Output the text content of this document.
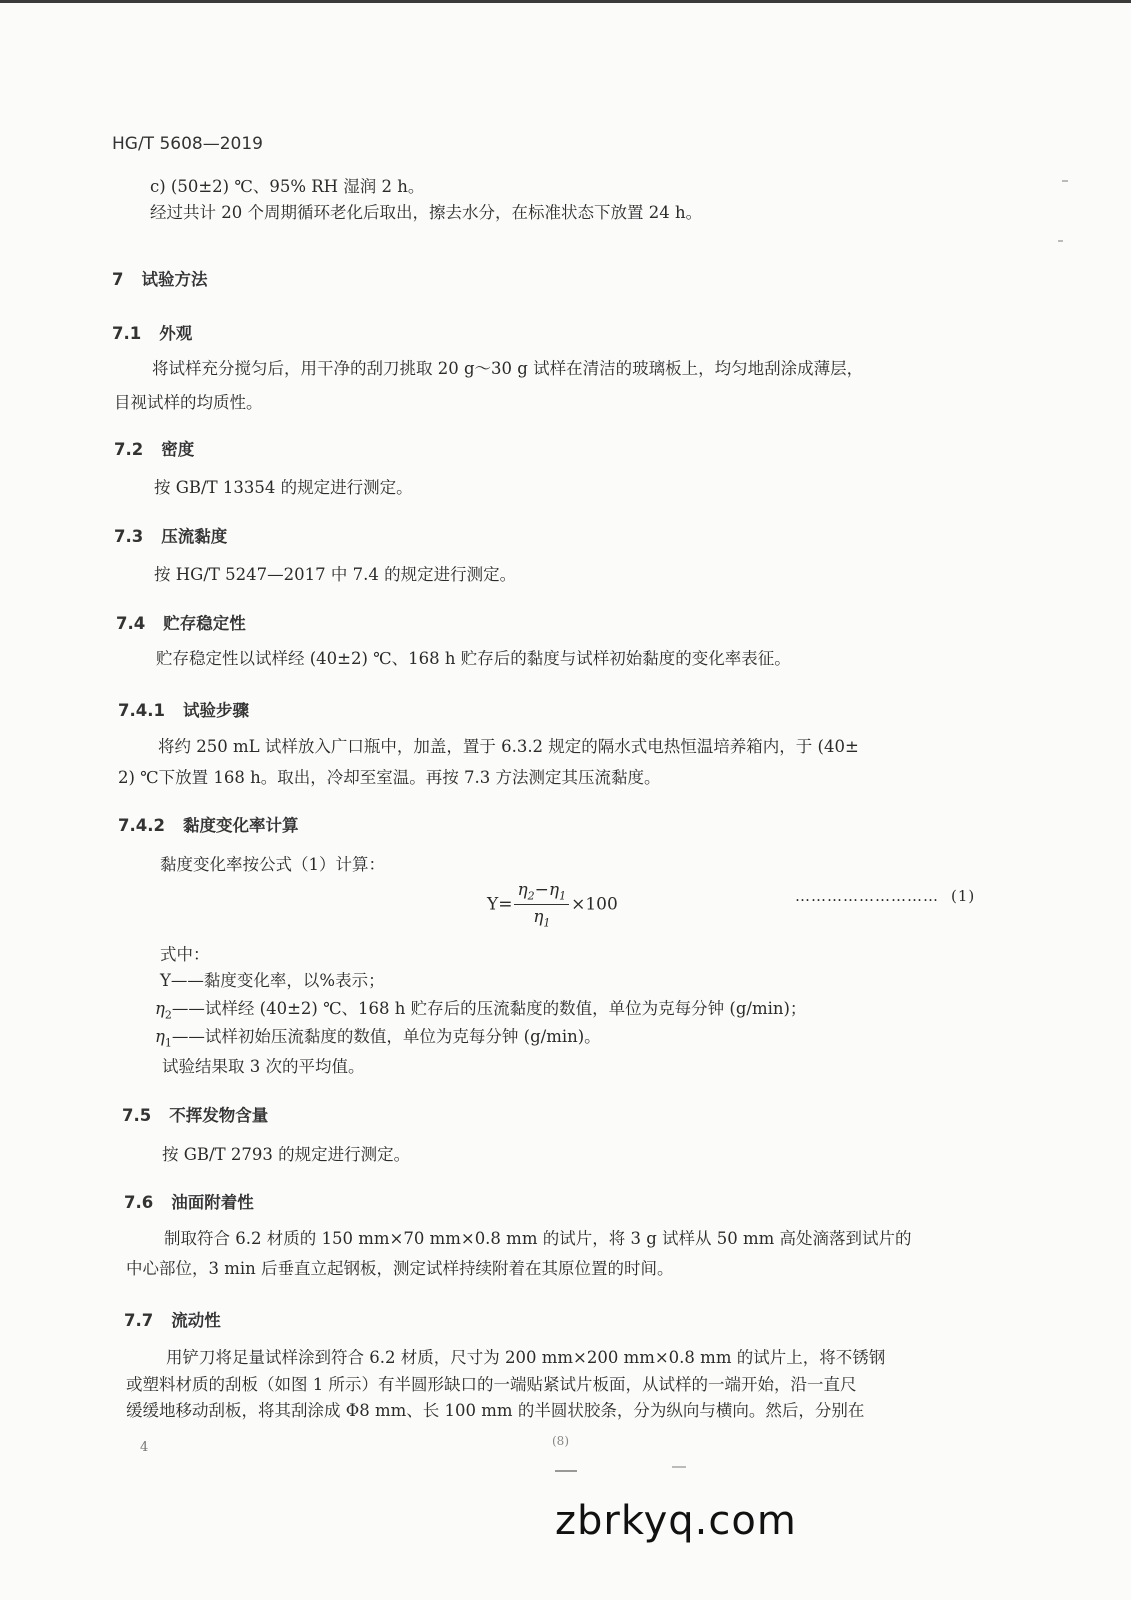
HG/T 5608—2019
c) (50±2) ℃、95% RH 湿润 2 h。
经过共计 20 个周期循环老化后取出，擦去水分，在标准状态下放置 24 h。
7 试验方法
7.1 外观
将试样充分搅匀后，用干净的刮刀挑取 20 g～30 g 试样在清洁的玻璃板上，均匀地刮涂成薄层，
目视试样的均质性。
7.2 密度
按 GB/T 13354 的规定进行测定。
7.3 压流黏度
按 HG/T 5247—2017 中 7.4 的规定进行测定。
7.4 贮存稳定性
贮存稳定性以试样经 (40±2) ℃、168 h 贮存后的黏度与试样初始黏度的变化率表征。
7.4.1 试验步骤
将约 250 mL 试样放入广口瓶中，加盖，置于 6.3.2 规定的隔水式电热恒温培养箱内，于 (40±
2) ℃下放置 168 h。取出，冷却至室温。再按 7.3 方法测定其压流黏度。
7.4.2 黏度变化率计算
黏度变化率按公式（1）计算：
$Y= \frac{\eta_2-\eta_1}{\eta_1} \times 100$	……………………… (1)
式中：
Y——黏度变化率，以%表示；
$\eta_2——$试样经 (40±2) ℃、168 h 贮存后的压流黏度的数值，单位为克每分钟 (g/min)；
$\eta_1——$试样初始压流黏度的数值，单位为克每分钟 (g/min)。
试验结果取 3 次的平均值。
7.5 不挥发物含量
按 GB/T 2793 的规定进行测定。
7.6 油面附着性
制取符合 6.2 材质的 150 mm×70 mm×0.8 mm 的试片，将 3 g 试样从 50 mm 高处滴落到试片的
中心部位，3 min 后垂直立起钢板，测定试样持续附着在其原位置的时间。
7.7 流动性
用铲刀将足量试样涂到符合 6.2 材质，尺寸为 200 mm×200 mm×0.8 mm 的试片上，将不锈钢
或塑料材质的刮板（如图 1 所示）有半圆形缺口的一端贴紧试片板面，从试样的一端开始，沿一直尺
缓缓地移动刮板，将其刮涂成 Φ8 mm、长 100 mm 的半圆状胶条，分为纵向与横向。然后，分别在
4	(8)
zbrkyq.com
